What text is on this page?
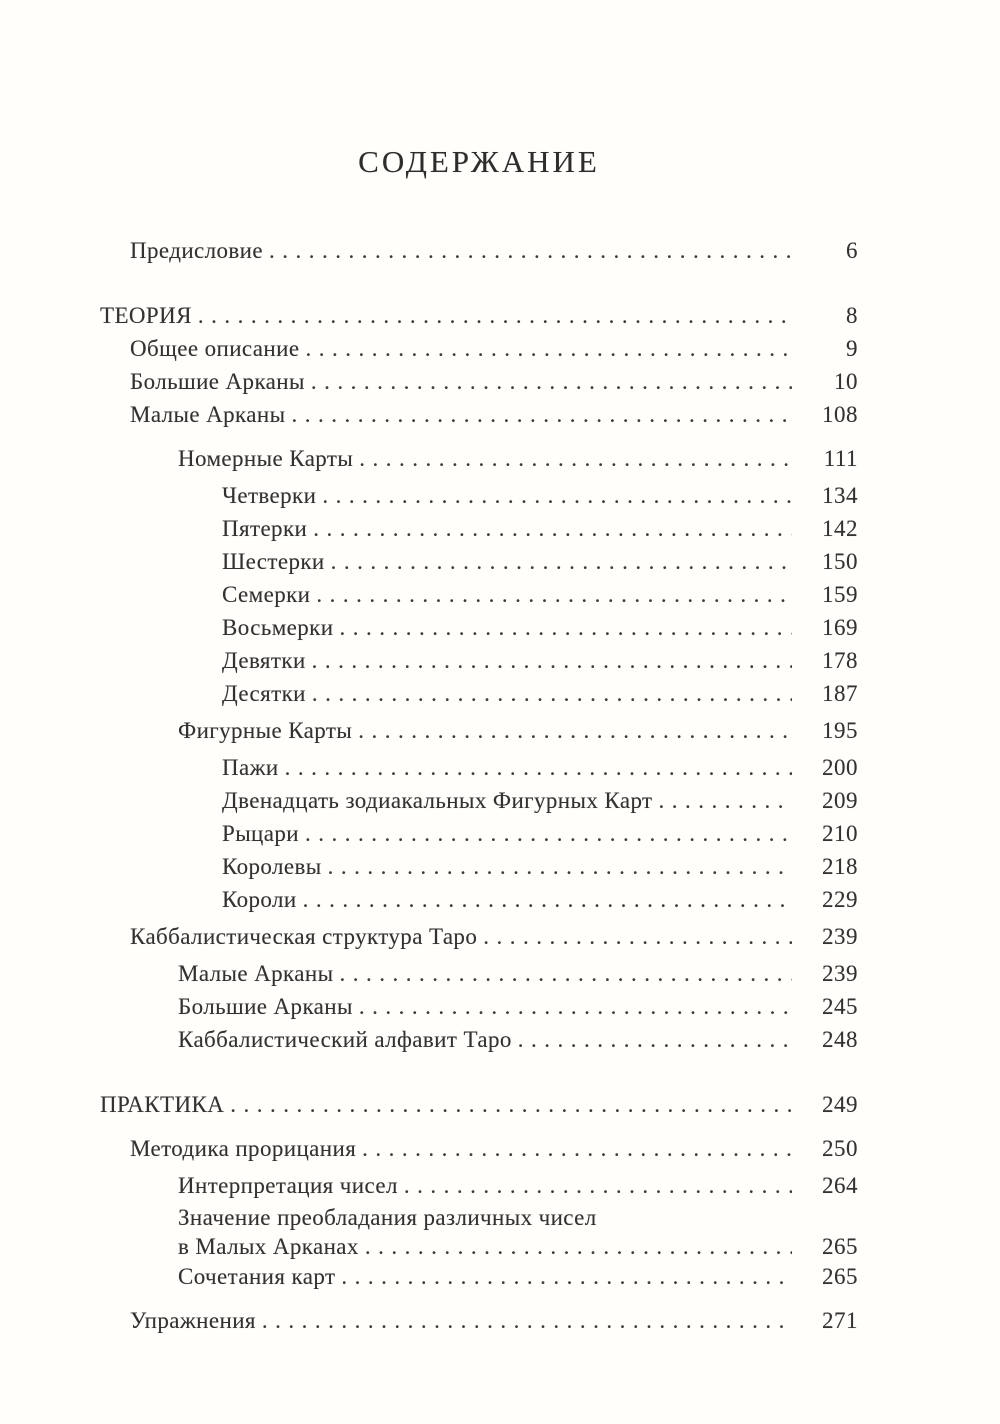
СОДЕРЖАНИЕ
Предисловие .....	6
ТЕОРИЯ .....	8
Общее описание .....	9
Большие Арканы .....	10
Малые Арканы .....	108
Номерные Карты .....	111
Четверки .....	134
Пятерки .....	142
Шестерки .....	150
Семерки .....	159
Восьмерки .....	169
Девятки .....	178
Десятки .....	187
Фигурные Карты .....	195
Пажи .....	200
Двенадцать зодиакальных Фигурных Карт .....	209
Рыцари .....	210
Королевы .....	218
Короли .....	229
Каббалистическая структура Таро .....	239
Малые Арканы .....	239
Большие Арканы .....	245
Каббалистический алфавит Таро .....	248
ПРАКТИКА .....	249
Методика прорицания .....	250
Интерпретация чисел .....	264
Значение преобладания различных чисел
в Малых Арканах .....	265
Сочетания карт .....	265
Упражнения .....	271
